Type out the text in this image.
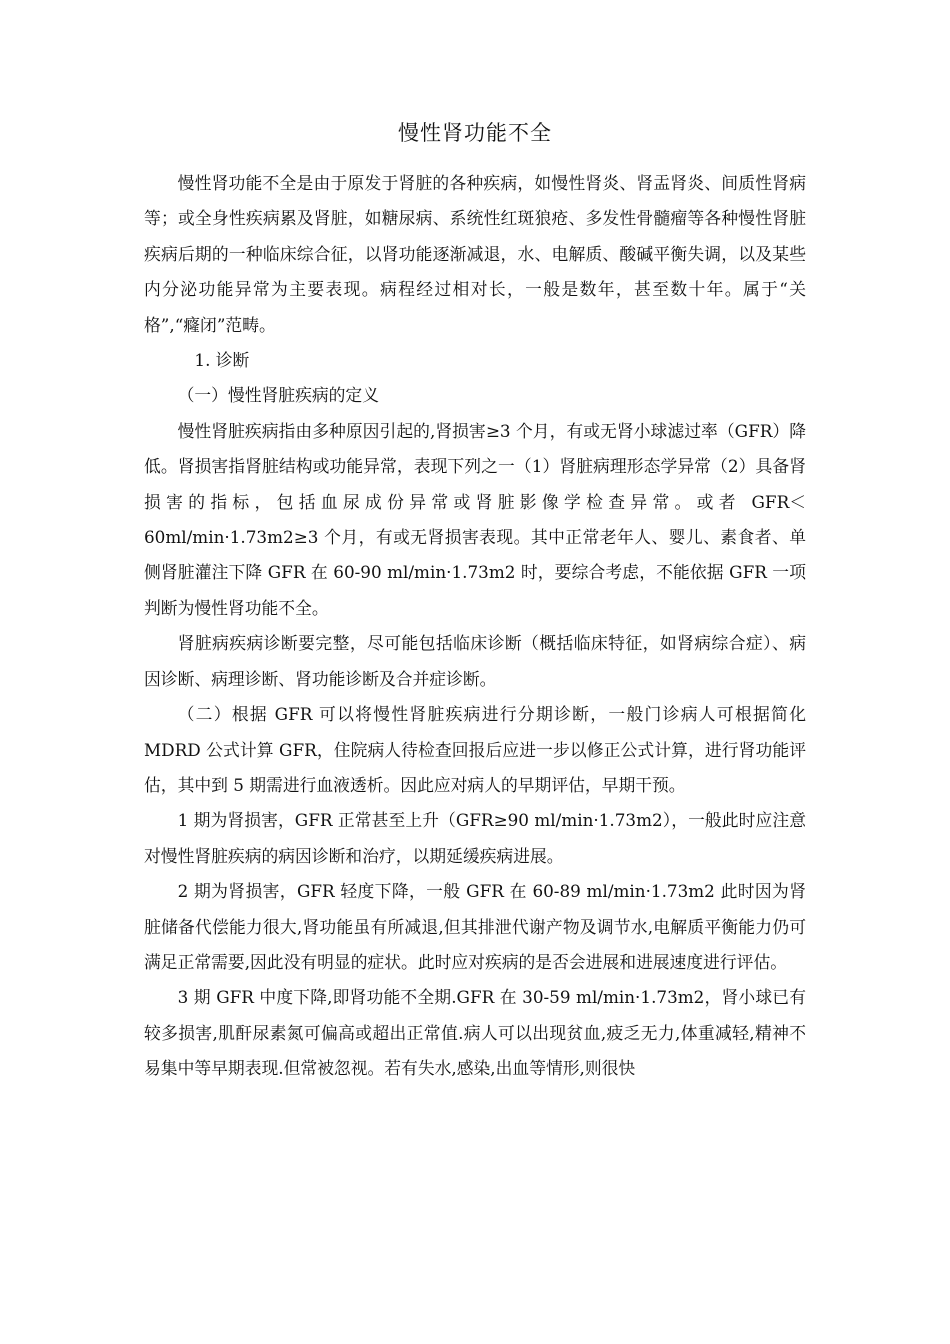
慢性肾功能不全

慢性肾功能不全是由于原发于肾脏的各种疾病，如慢性肾炎、肾盂肾炎、间质性肾病等；或全身性疾病累及肾脏，如糖尿病、系统性红斑狼疮、多发性骨髓瘤等各种慢性肾脏疾病后期的一种临床综合征，以肾功能逐渐减退，水、电解质、酸碱平衡失调，以及某些内分泌功能异常为主要表现。病程经过相对长，一般是数年，甚至数十年。属于“关格”,“癃闭”范畴。

1. 诊断

（一）慢性肾脏疾病的定义

慢性肾脏疾病指由多种原因引起的,肾损害≥3 个月，有或无肾小球滤过率（GFR）降低。肾损害指肾脏结构或功能异常，表现下列之一（1）肾脏病理形态学异常（2）具备肾损害的指标，包括血尿成份异常或肾脏影像学检查异常。或者 GFR＜60ml/min·1.73m2≥3 个月，有或无肾损害表现。其中正常老年人、婴儿、素食者、单侧肾脏灌注下降 GFR 在 60-90 ml/min·1.73m2 时，要综合考虑，不能依据 GFR 一项判断为慢性肾功能不全。

肾脏病疾病诊断要完整，尽可能包括临床诊断（概括临床特征，如肾病综合症）、病因诊断、病理诊断、肾功能诊断及合并症诊断。

（二）根据 GFR 可以将慢性肾脏疾病进行分期诊断，一般门诊病人可根据简化 MDRD 公式计算 GFR，住院病人待检查回报后应进一步以修正公式计算，进行肾功能评估，其中到 5 期需进行血液透析。因此应对病人的早期评估，早期干预。

1 期为肾损害，GFR 正常甚至上升（GFR≥90 ml/min·1.73m2），一般此时应注意对慢性肾脏疾病的病因诊断和治疗，以期延缓疾病进展。

2 期为肾损害，GFR 轻度下降，一般 GFR 在 60-89 ml/min·1.73m2 此时因为肾脏储备代偿能力很大,肾功能虽有所减退,但其排泄代谢产物及调节水,电解质平衡能力仍可满足正常需要,因此没有明显的症状。此时应对疾病的是否会进展和进展速度进行评估。

3 期 GFR 中度下降,即肾功能不全期.GFR 在 30-59 ml/min·1.73m2，肾小球已有较多损害,肌酐尿素氮可偏高或超出正常值.病人可以出现贫血,疲乏无力,体重减轻,精神不易集中等早期表现.但常被忽视。若有失水,感染,出血等情形,则很快
